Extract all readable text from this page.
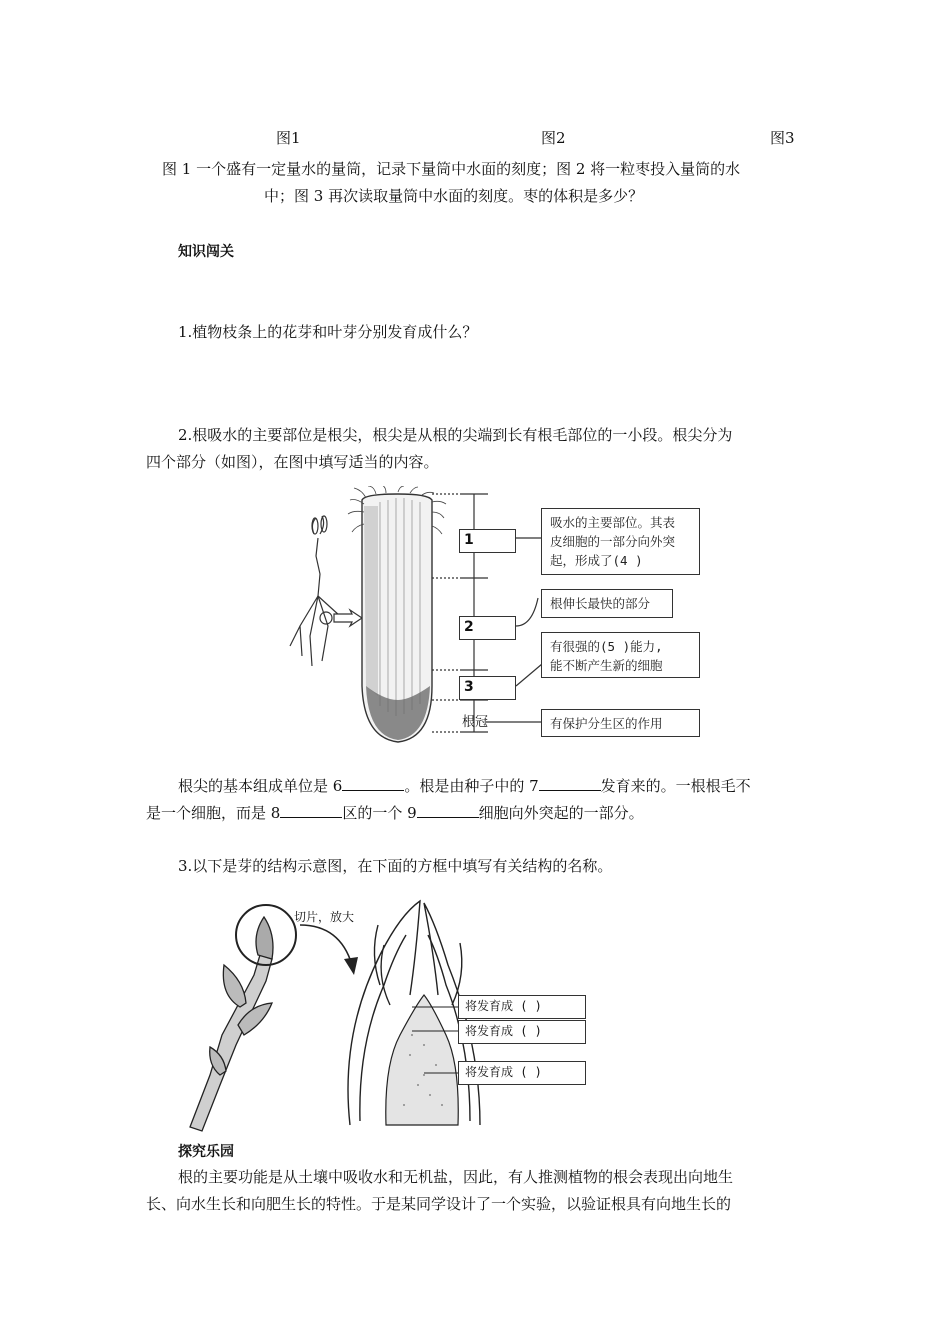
图1	图2	图3
图 1 一个盛有一定量水的量筒，记录下量筒中水面的刻度；图 2 将一粒枣投入量筒的水
中；图 3 再次读取量筒中水面的刻度。枣的体积是多少？
知识闯关
1.植物枝条上的花芽和叶芽分别发育成什么？
2.根吸水的主要部位是根尖，根尖是从根的尖端到长有根毛部位的一小段。根尖分为
四个部分（如图），在图中填写适当的内容。
1
2
3
根冠
吸水的主要部位。其表
皮细胞的一部分向外突
起，形成了(4 )
根伸长最快的部分
有很强的(5 )能力,
能不断产生新的细胞
有保护分生区的作用
根尖的基本组成单位是 6	。根是由种子中的 7	发育来的。一根根毛不
是一个细胞，而是 8	区的一个 9	细胞向外突起的一部分。
3.以下是芽的结构示意图，在下面的方框中填写有关结构的名称。
切片，放大
将发育成 ( )
将发育成 ( )
将发育成 ( )
探究乐园
根的主要功能是从土壤中吸收水和无机盐，因此，有人推测植物的根会表现出向地生
长、向水生长和向肥生长的特性。于是某同学设计了一个实验，以验证根具有向地生长的
